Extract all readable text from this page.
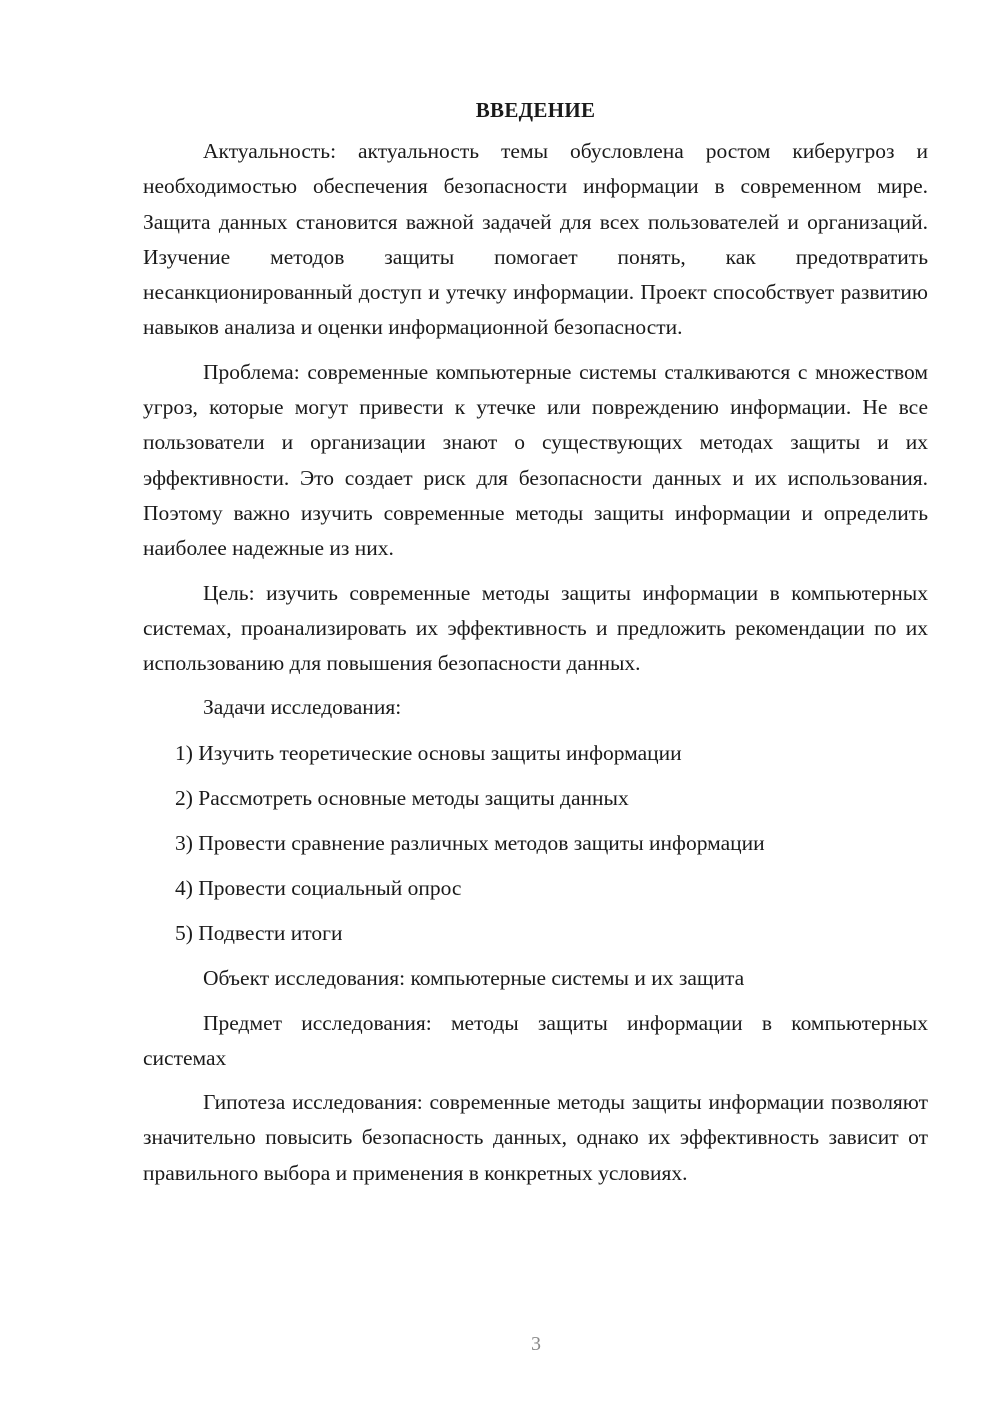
ВВЕДЕНИЕ

Актуальность: актуальность темы обусловлена ростом киберугроз и необходимостью обеспечения безопасности информации в современном мире. Защита данных становится важной задачей для всех пользователей и организаций. Изучение методов защиты помогает понять, как предотвратить несанкционированный доступ и утечку информации. Проект способствует развитию навыков анализа и оценки информационной безопасности.

Проблема: современные компьютерные системы сталкиваются с множеством угроз, которые могут привести к утечке или повреждению информации. Не все пользователи и организации знают о существующих методах защиты и их эффективности. Это создает риск для безопасности данных и их использования. Поэтому важно изучить современные методы защиты информации и определить наиболее надежные из них.

Цель: изучить современные методы защиты информации в компьютерных системах, проанализировать их эффективность и предложить рекомендации по их использованию для повышения безопасности данных.

Задачи исследования:

1) Изучить теоретические основы защиты информации

2) Рассмотреть основные методы защиты данных

3) Провести сравнение различных методов защиты информации

4) Провести социальный опрос

5) Подвести итоги

Объект исследования: компьютерные системы и их защита

Предмет исследования: методы защиты информации в компьютерных системах

Гипотеза исследования: современные методы защиты информации позволяют значительно повысить безопасность данных, однако их эффективность зависит от правильного выбора и применения в конкретных условиях.

3
